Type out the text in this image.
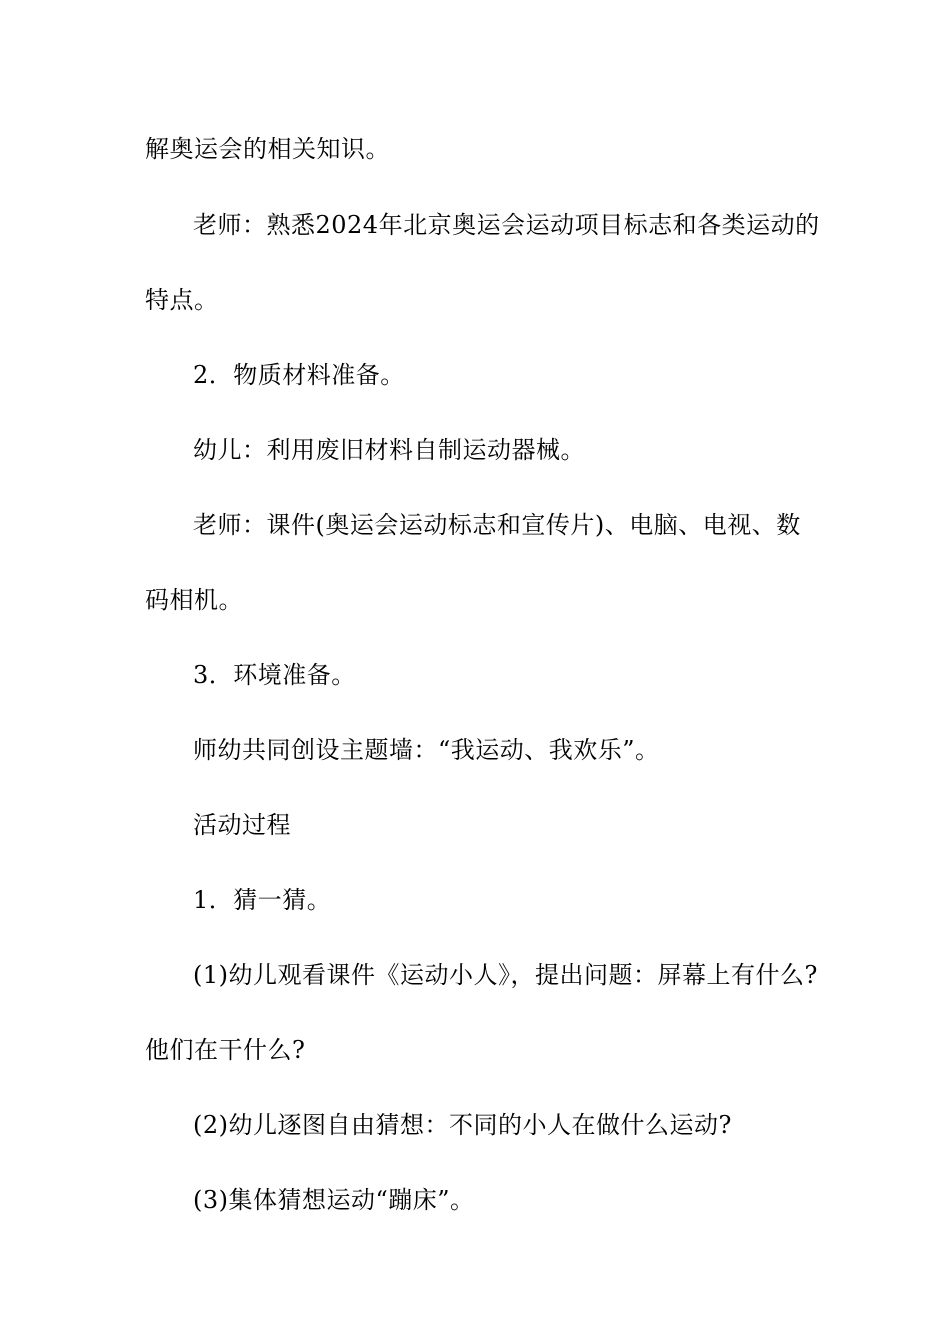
解奥运会的相关知识。
老师：熟悉2024年北京奥运会运动项目标志和各类运动的
特点。
2．物质材料准备。
幼儿：利用废旧材料自制运动器械。
老师：课件(奥运会运动标志和宣传片)、电脑、电视、数
码相机。
3．环境准备。
师幼共同创设主题墙：“我运动、我欢乐”。
活动过程
1．猜一猜。
(1)幼儿观看课件《运动小人》，提出问题：屏幕上有什么?
他们在干什么?
(2)幼儿逐图自由猜想：不同的小人在做什么运动?
(3)集体猜想运动“蹦床”。
